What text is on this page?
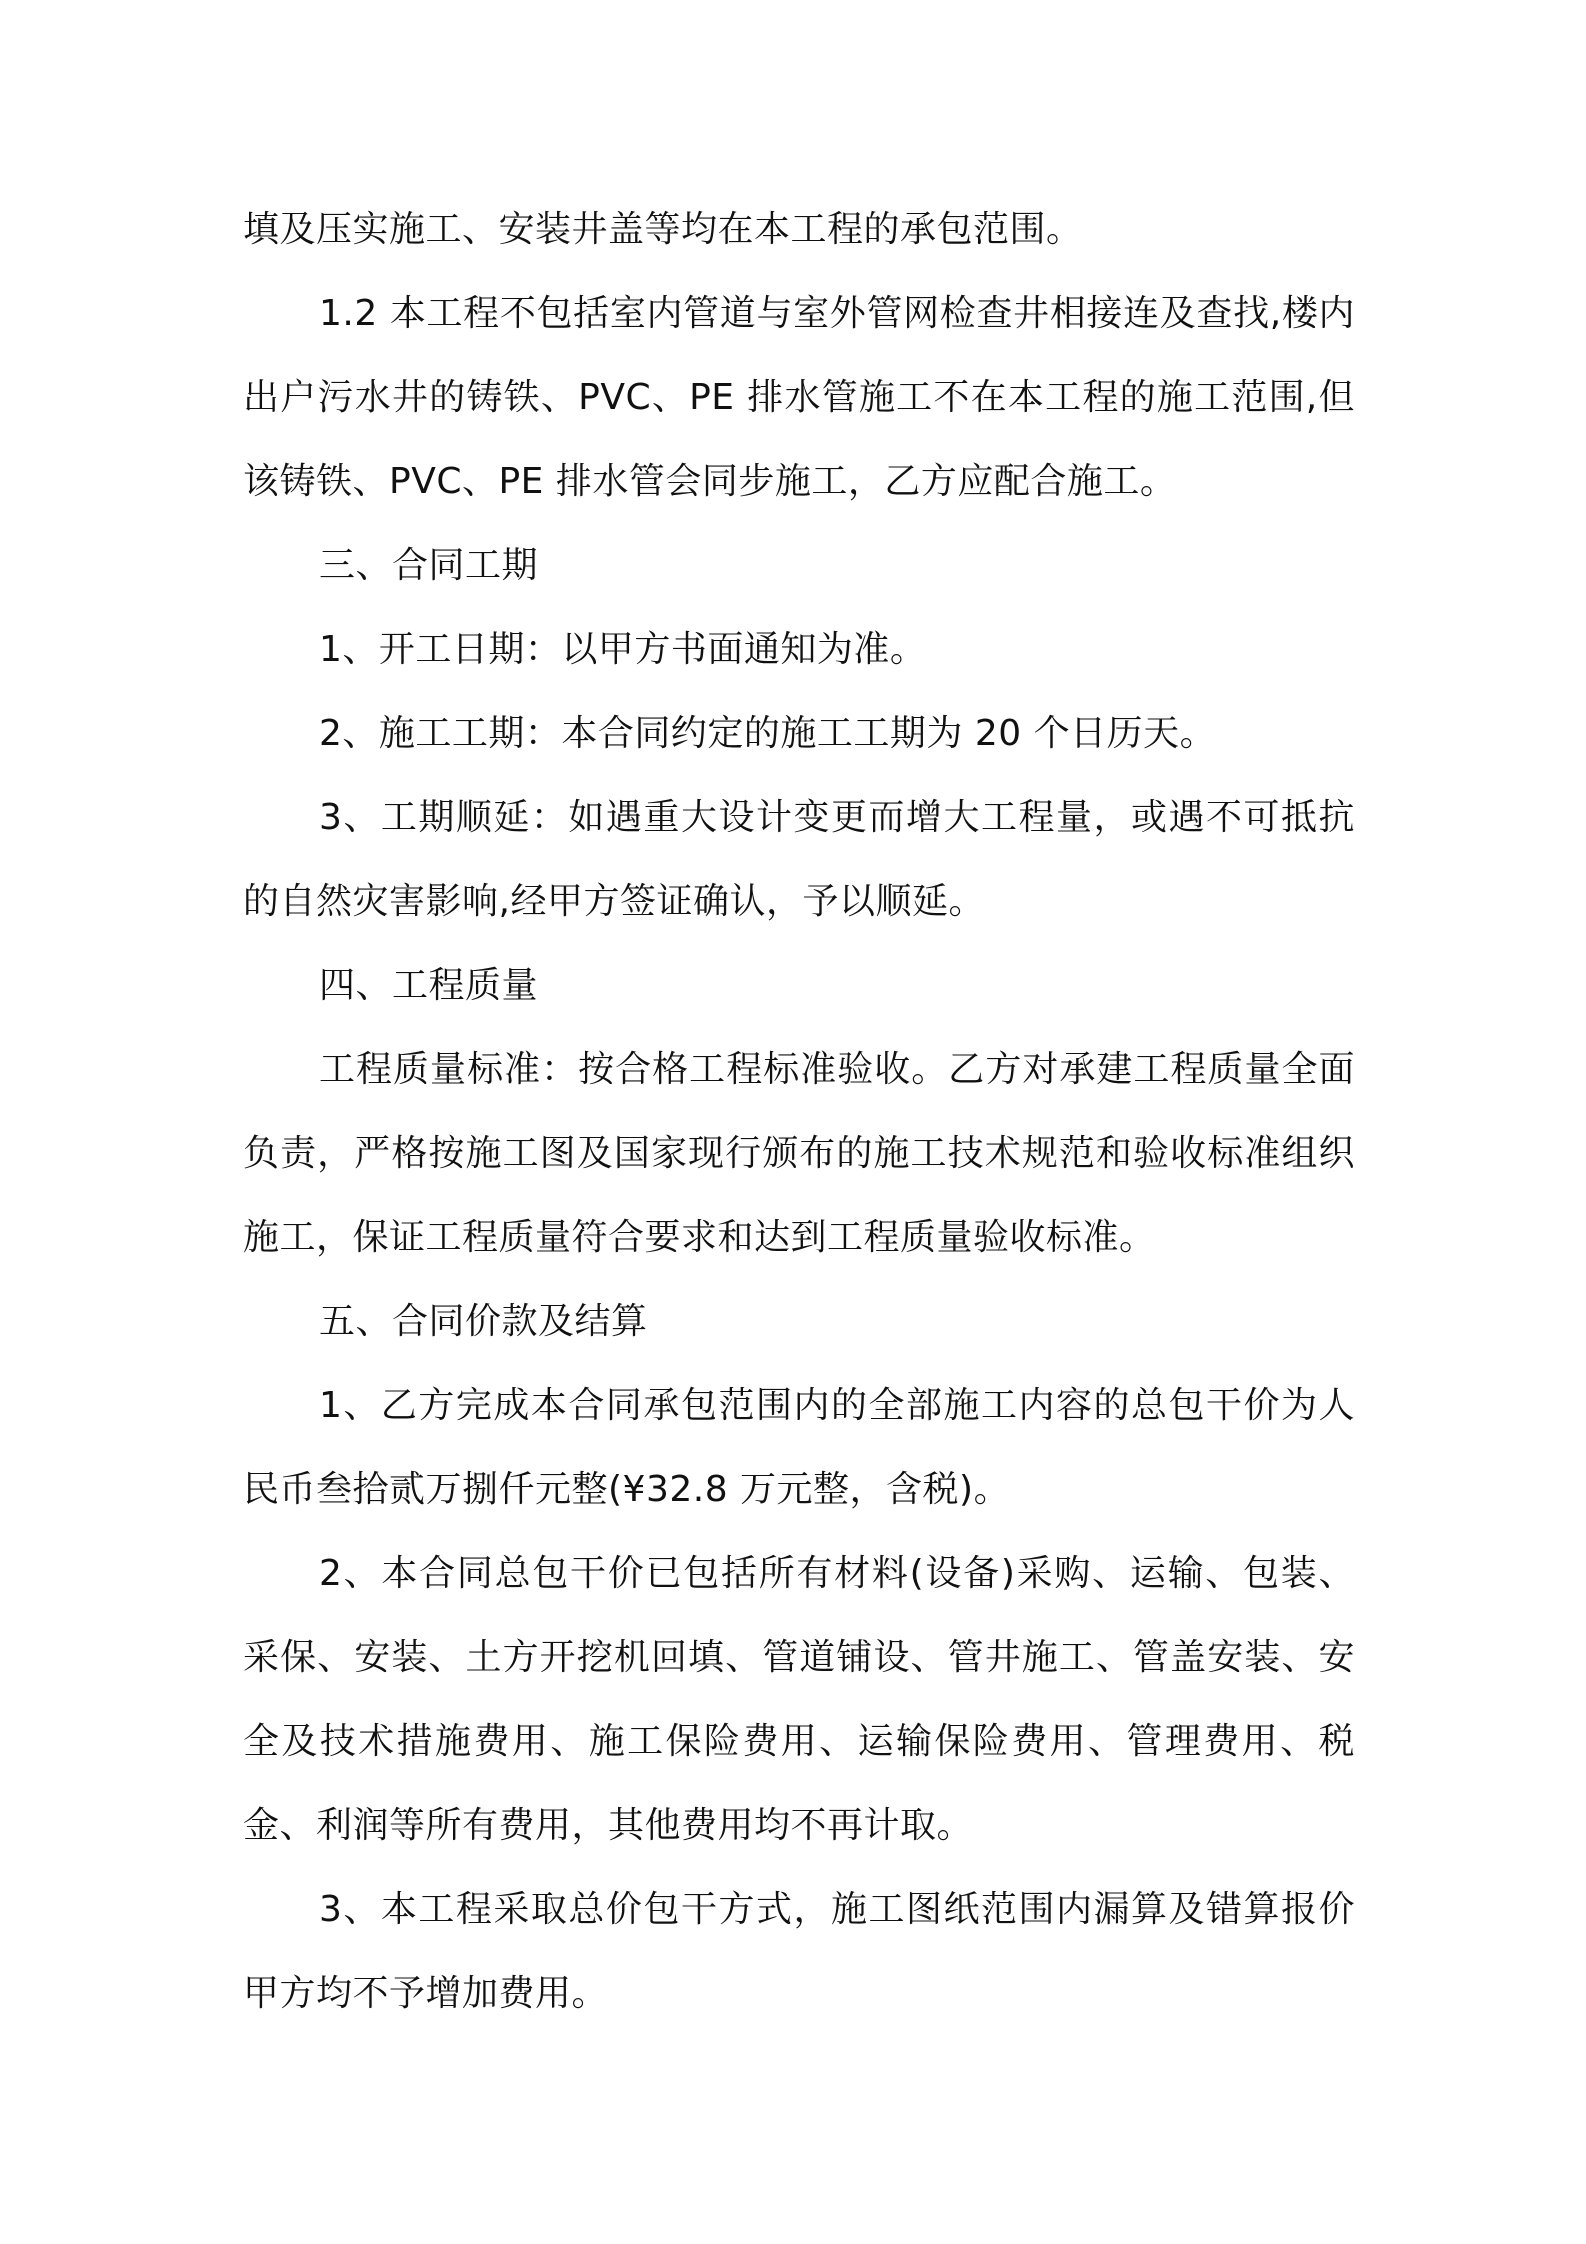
填及压实施工、安装井盖等均在本工程的承包范围。

1.2 本工程不包括室内管道与室外管网检查井相接连及查找,楼内出户污水井的铸铁、PVC、PE 排水管施工不在本工程的施工范围,但该铸铁、PVC、PE 排水管会同步施工，乙方应配合施工。

三、合同工期

1、开工日期：以甲方书面通知为准。

2、施工工期：本合同约定的施工工期为 20 个日历天。

3、工期顺延：如遇重大设计变更而增大工程量，或遇不可抵抗的自然灾害影响,经甲方签证确认，予以顺延。

四、工程质量

工程质量标准：按合格工程标准验收。乙方对承建工程质量全面负责，严格按施工图及国家现行颁布的施工技术规范和验收标准组织施工，保证工程质量符合要求和达到工程质量验收标准。

五、合同价款及结算

1、乙方完成本合同承包范围内的全部施工内容的总包干价为人民币叁拾贰万捌仟元整(¥32.8 万元整，含税)。

2、本合同总包干价已包括所有材料(设备)采购、运输、包装、采保、安装、土方开挖机回填、管道铺设、管井施工、管盖安装、安全及技术措施费用、施工保险费用、运输保险费用、管理费用、税金、利润等所有费用，其他费用均不再计取。

3、本工程采取总价包干方式，施工图纸范围内漏算及错算报价甲方均不予增加费用。
